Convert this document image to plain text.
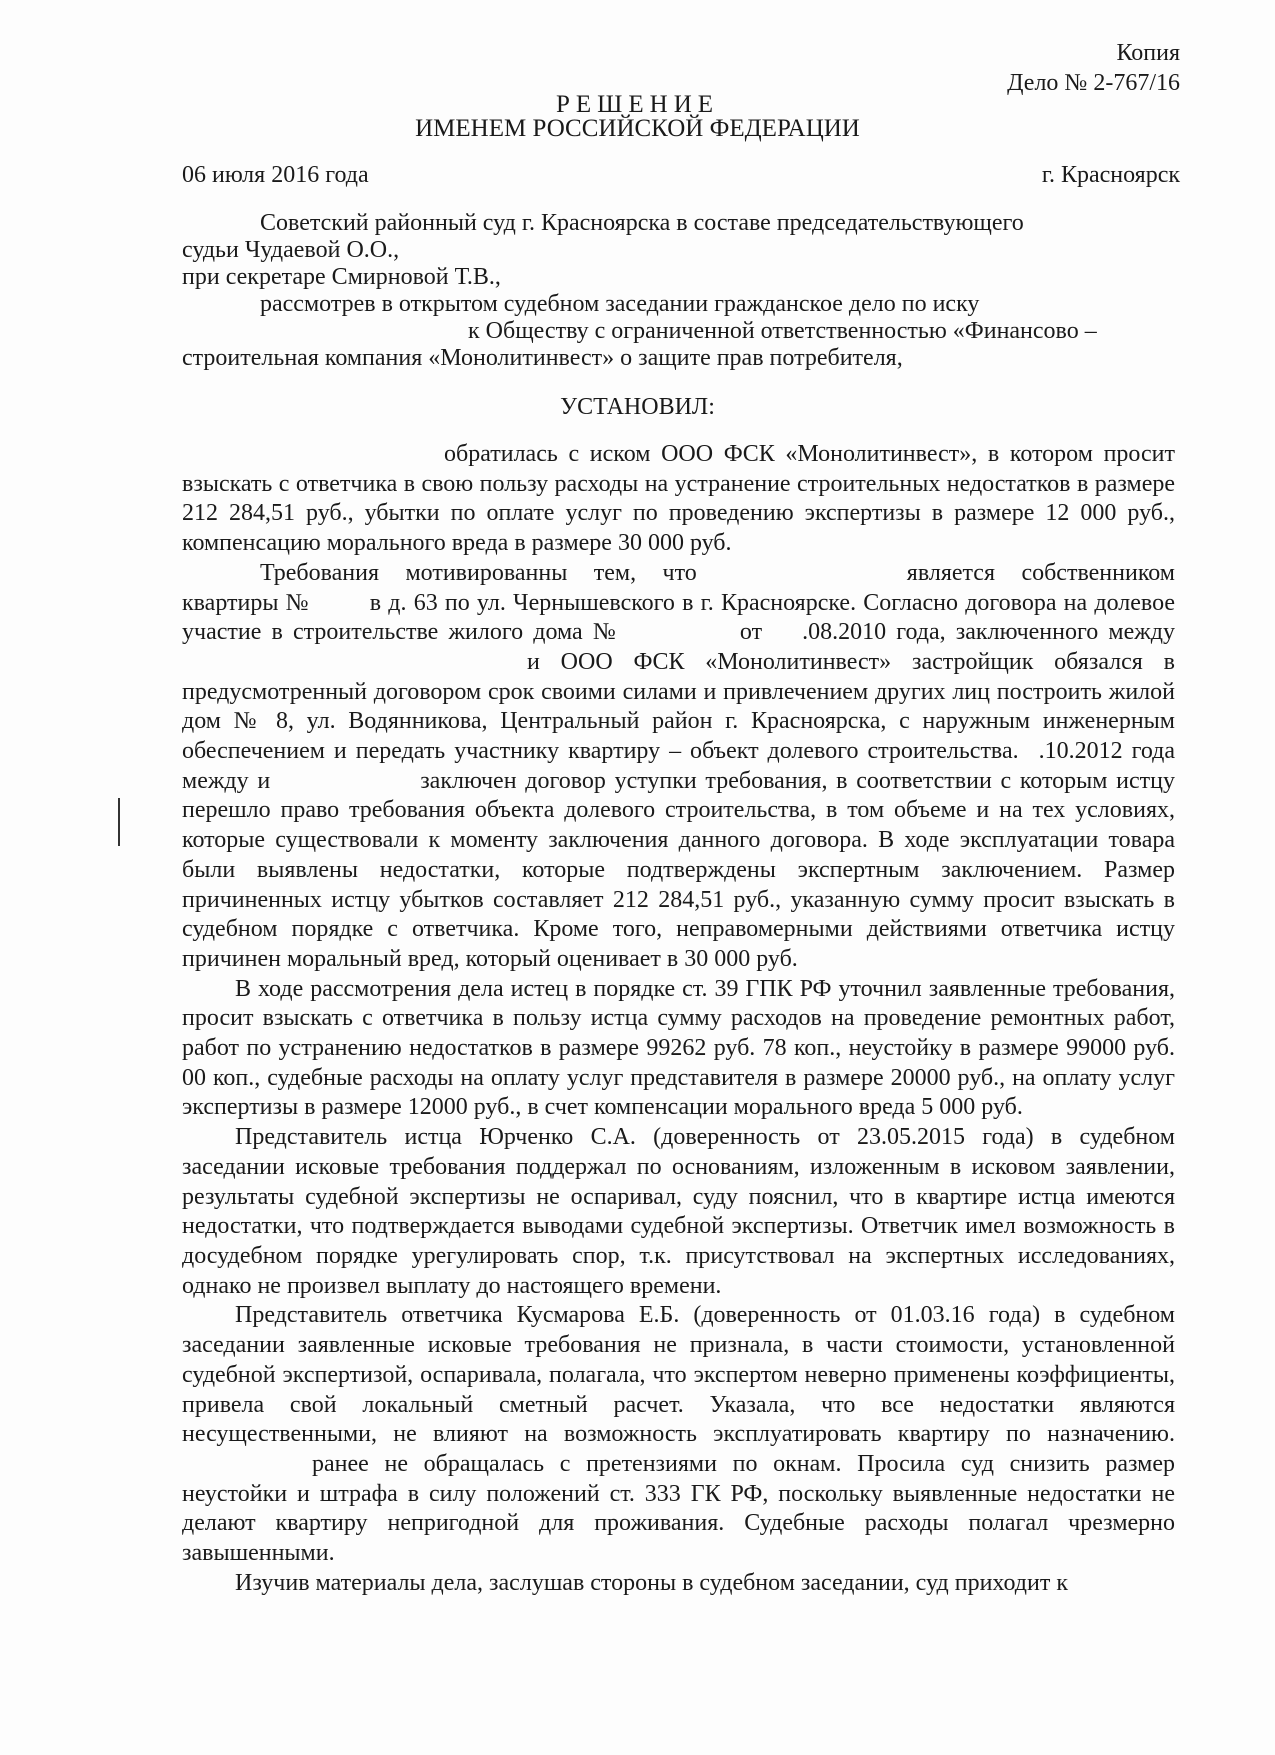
Копия
Дело № 2-767/16
РЕШЕНИЕ
ИМЕНЕМ РОССИЙСКОЙ ФЕДЕРАЦИИ
06 июля 2016 года	г. Красноярск
Советский районный суд г. Красноярска в составе председательствующего
судьи Чудаевой О.О.,
при секретаре Смирновой Т.В.,
рассмотрев в открытом судебном заседании гражданское дело по иску
к Обществу с ограниченной ответственностью «Финансово –
строительная компания «Монолитинвест» о защите прав потребителя,
УСТАНОВИЛ:

обратилась с иском ООО ФСК «Монолитинвест», в котором просит взыскать с ответчика в свою пользу расходы на устранение строительных недостатков в размере 212 284,51 руб., убытки по оплате услуг по проведению экспертизы в размере 12 000 руб., компенсацию морального вреда в размере 30 000 руб.

Требования мотивированны тем, что	является собственником квартиры №	в д. 63 по ул. Чернышевского в г. Красноярске. Согласно договора на долевое участие в строительстве жилого дома №	от .08.2010 года, заключенного междуи ООО ФСК «Монолитинвест» застройщик обязался в предусмотренный договором срок своими силами и привлечением других лиц построить жилой дом № 8, ул. Водянникова, Центральный район г. Красноярска, с наружным инженерным обеспечением и передать участнику квартиру – объект долевого строительства. .10.2012 года между и	заключен договор уступки требования, в соответствии с которым истцу перешло право требования объекта долевого строительства, в том объеме и на тех условиях, которые существовали к моменту заключения данного договора. В ходе эксплуатации товара были выявлены недостатки, которые подтверждены экспертным заключением. Размер причиненных истцу убытков составляет 212 284,51 руб., указанную сумму просит взыскать в судебном порядке с ответчика. Кроме того, неправомерными действиями ответчика истцу причинен моральный вред, который оценивает в 30 000 руб.

В ходе рассмотрения дела истец в порядке ст. 39 ГПК РФ уточнил заявленные требования, просит взыскать с ответчика в пользу истца сумму расходов на проведение ремонтных работ, работ по устранению недостатков в размере 99262 руб. 78 коп., неустойку в размере 99000 руб. 00 коп., судебные расходы на оплату услуг представителя в размере 20000 руб., на оплату услуг экспертизы в размере 12000 руб., в счет компенсации морального вреда 5 000 руб.

Представитель истца Юрченко С.А. (доверенность от 23.05.2015 года) в судебном заседании исковые требования поддержал по основаниям, изложенным в исковом заявлении, результаты судебной экспертизы не оспаривал, суду пояснил, что в квартире истца имеются недостатки, что подтверждается выводами судебной экспертизы. Ответчик имел возможность в досудебном порядке урегулировать спор, т.к. присутствовал на экспертных исследованиях, однако не произвел выплату до настоящего времени.

Представитель ответчика Кусмарова Е.Б. (доверенность от 01.03.16 года) в судебном заседании заявленные исковые требования не признала, в части стоимости, установленной судебной экспертизой, оспаривала, полагала, что экспертом неверно применены коэффициенты, привела свой локальный сметный расчет. Указала, что все недостатки являются несущественными, не влияют на возможность эксплуатировать квартиру по назначению.ранее не обращалась с претензиями по окнам. Просила суд снизить размер неустойки и штрафа в силу положений ст. 333 ГК РФ, поскольку выявленные недостатки не делают квартиру непригодной для проживания. Судебные расходы полагал чрезмерно завышенными.

Изучив материалы дела, заслушав стороны в судебном заседании, суд приходит к
